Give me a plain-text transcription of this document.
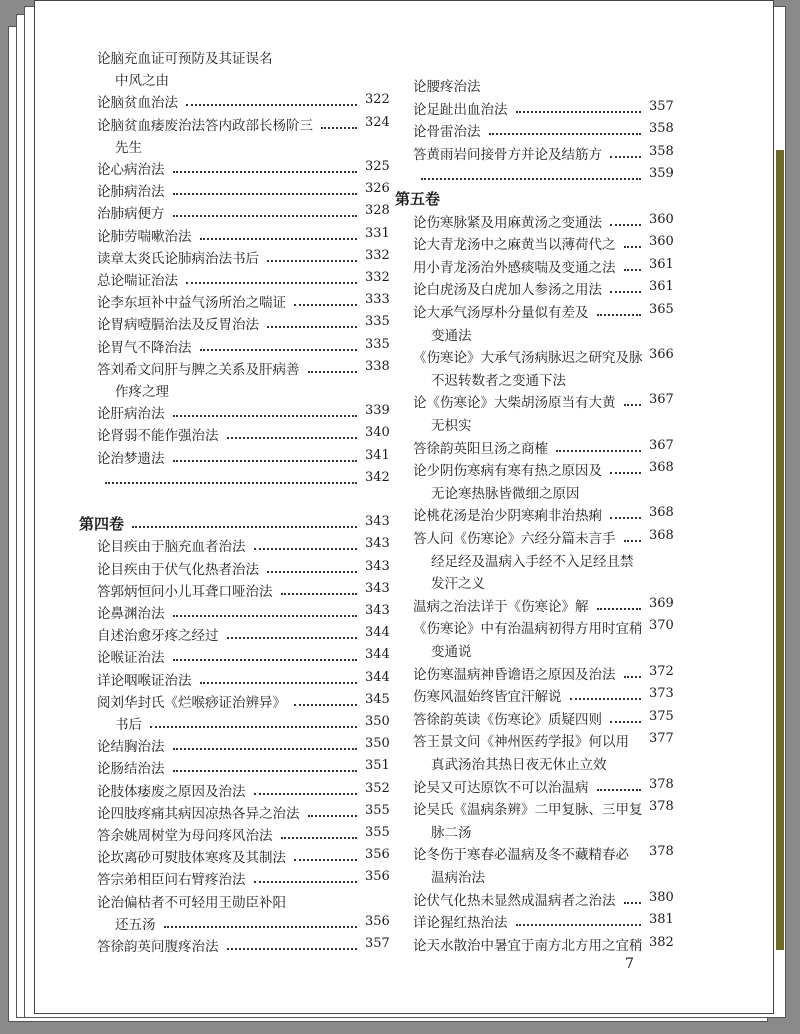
论脑充血证可预防及其证误名
中风之由
论脑贫血治法	322
论脑贫血痿废治法答内政部长杨阶三	324
先生
论心病治法	325
论肺病治法	326
治肺病便方	328
论肺劳喘嗽治法	331
读章太炎氏论肺病治法书后	332
总论喘证治法	332
论李东垣补中益气汤所治之喘证	333
论胃病噎膈治法及反胃治法	335
论胃气不降治法	335
答刘希文问肝与脾之关系及肝病善	338
作疼之理
论肝病治法	339
论肾弱不能作强治法	340
论治梦遗法	341
342
第四卷	343
论目疾由于脑充血者治法	343
论目疾由于伏气化热者治法	343
答郭炳恒问小儿耳聋口哑治法	343
论鼻渊治法	343
自述治愈牙疼之经过	344
论喉证治法	344
详论咽喉证治法	344
阅刘华封氏《烂喉痧证治辨异》	345
书后	350
论结胸治法	350
论肠结治法	351
论肢体痿废之原因及治法	352
论四肢疼痛其病因凉热各异之治法	355
答余姚周树堂为母问疼风治法	355
论坎离砂可熨肢体寒疼及其制法	356
答宗弟相臣问右臂疼治法	356
论治偏枯者不可轻用王勋臣补阳
还五汤	356
答徐韵英问腹疼治法	357
论腰疼治法
论足趾出血治法	357
论骨雷治法	358
答黄雨岩问接骨方并论及结筋方	358
359
第五卷
论伤寒脉紧及用麻黄汤之变通法	360
论大青龙汤中之麻黄当以薄荷代之	360
用小青龙汤治外感痰喘及变通之法	361
论白虎汤及白虎加人参汤之用法	361
论大承气汤厚朴分量似有差及	365
变通法
《伤寒论》大承气汤病脉迟之研究及脉 366
不迟转数者之变通下法
论《伤寒论》大柴胡汤原当有大黄	367
无枳实
答徐韵英阳旦汤之商榷	367
论少阴伤寒病有寒有热之原因及	368
无论寒热脉皆微细之原因
论桃花汤是治少阴寒痢非治热痢	368
答人问《伤寒论》六经分篇未言手	368
经足经及温病入手经不入足经且禁
发汗之义
温病之治法详于《伤寒论》解	369
《伤寒论》中有治温病初得方用时宜稍 370
变通说
论伤寒温病神昏谵语之原因及治法	372
伤寒风温始终皆宜汗解说	373
答徐韵英读《伤寒论》质疑四则	375
答王景文问《神州医药学报》何以用 377
真武汤治其热日夜无休止立效
论吴又可达原饮不可以治温病	378
论吴氏《温病条辨》二甲复脉、三甲复 378
脉二汤
论冬伤于寒春必温病及冬不藏精春必 378
温病治法
论伏气化热未显然成温病者之治法	380
详论猩红热治法	381
论天水散治中暑宜于南方北方用之宜稍 382
7
